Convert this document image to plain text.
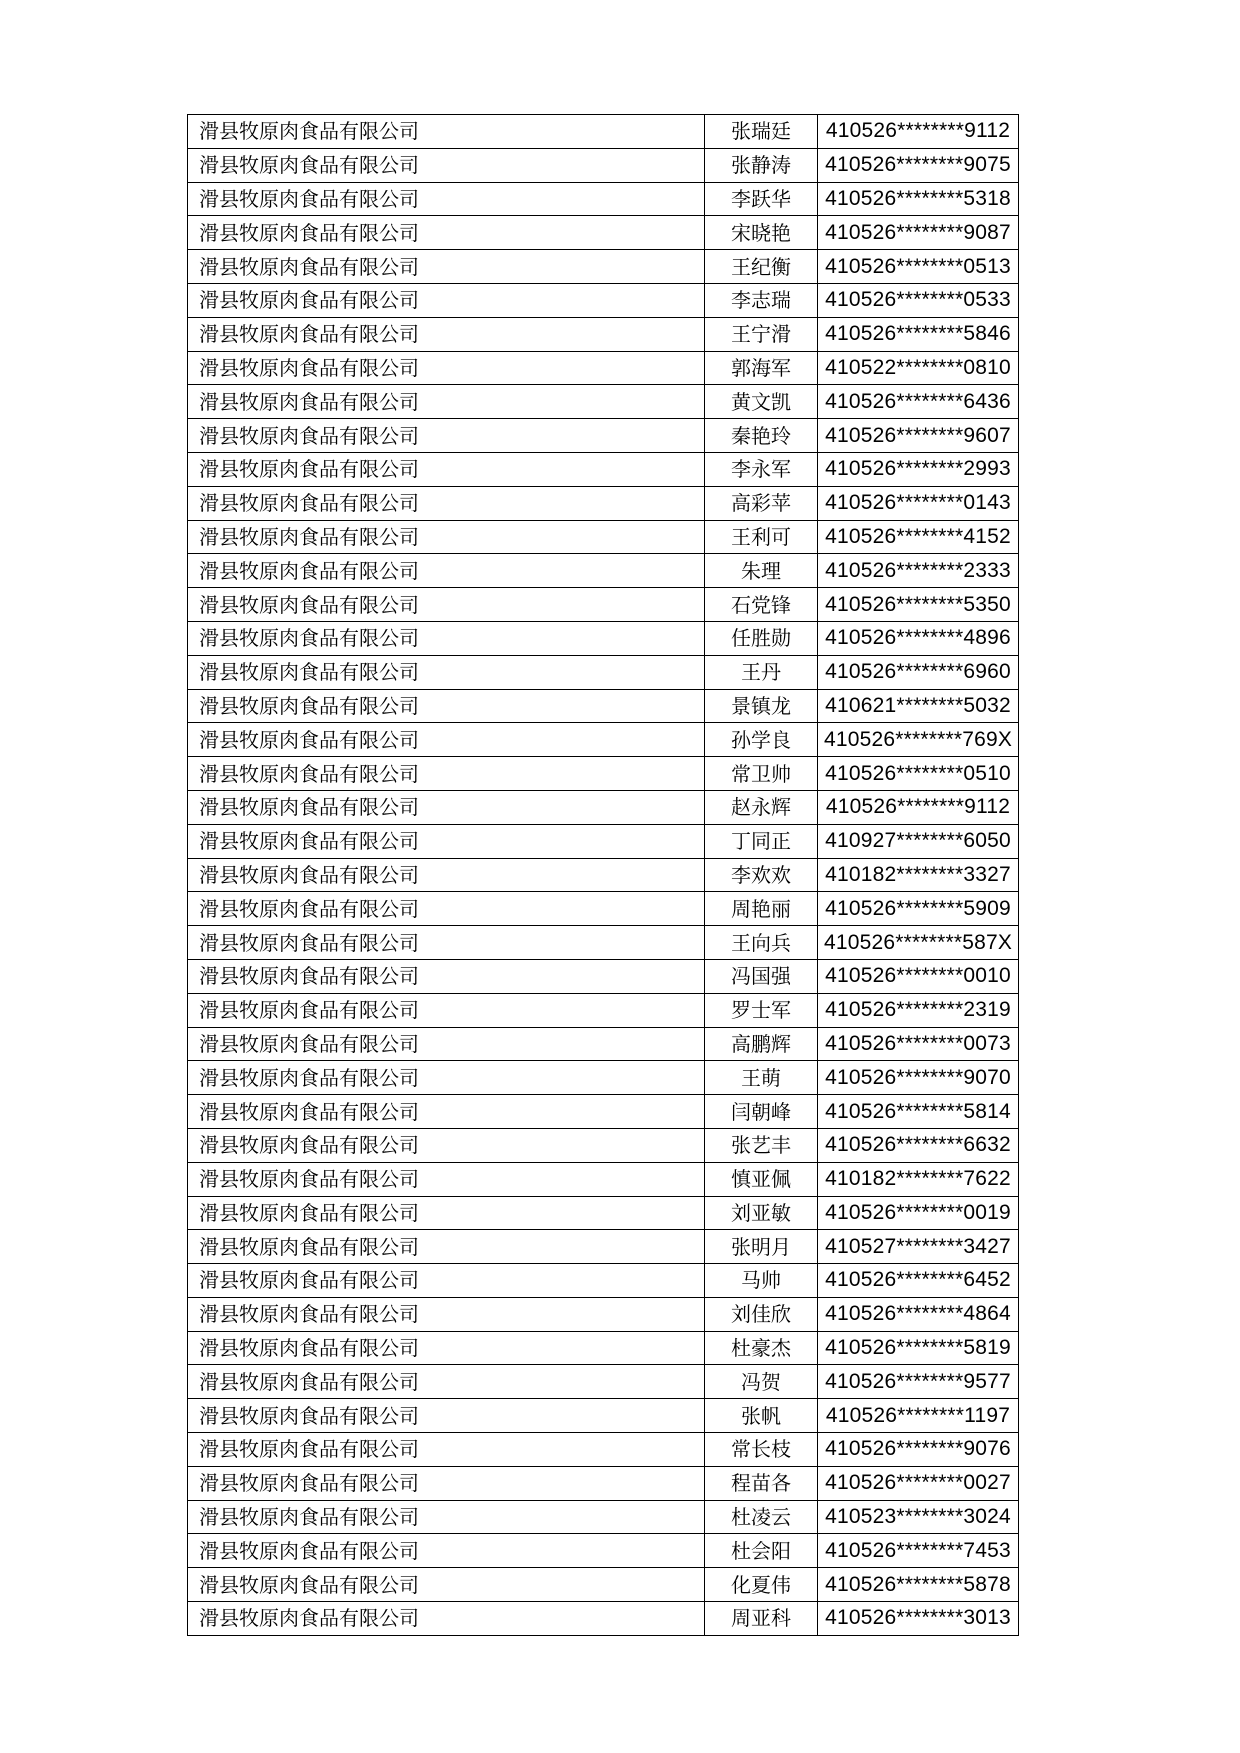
滑县牧原肉食品有限公司	张瑞廷	410526********9112
滑县牧原肉食品有限公司	张静涛	410526********9075
滑县牧原肉食品有限公司	李跃华	410526********5318
滑县牧原肉食品有限公司	宋晓艳	410526********9087
滑县牧原肉食品有限公司	王纪衡	410526********0513
滑县牧原肉食品有限公司	李志瑞	410526********0533
滑县牧原肉食品有限公司	王宁滑	410526********5846
滑县牧原肉食品有限公司	郭海军	410522********0810
滑县牧原肉食品有限公司	黄文凯	410526********6436
滑县牧原肉食品有限公司	秦艳玲	410526********9607
滑县牧原肉食品有限公司	李永军	410526********2993
滑县牧原肉食品有限公司	高彩苹	410526********0143
滑县牧原肉食品有限公司	王利可	410526********4152
滑县牧原肉食品有限公司	朱理	410526********2333
滑县牧原肉食品有限公司	石党锋	410526********5350
滑县牧原肉食品有限公司	任胜勋	410526********4896
滑县牧原肉食品有限公司	王丹	410526********6960
滑县牧原肉食品有限公司	景镇龙	410621********5032
滑县牧原肉食品有限公司	孙学良	410526********769X
滑县牧原肉食品有限公司	常卫帅	410526********0510
滑县牧原肉食品有限公司	赵永辉	410526********9112
滑县牧原肉食品有限公司	丁同正	410927********6050
滑县牧原肉食品有限公司	李欢欢	410182********3327
滑县牧原肉食品有限公司	周艳丽	410526********5909
滑县牧原肉食品有限公司	王向兵	410526********587X
滑县牧原肉食品有限公司	冯国强	410526********0010
滑县牧原肉食品有限公司	罗士军	410526********2319
滑县牧原肉食品有限公司	高鹏辉	410526********0073
滑县牧原肉食品有限公司	王萌	410526********9070
滑县牧原肉食品有限公司	闫朝峰	410526********5814
滑县牧原肉食品有限公司	张艺丰	410526********6632
滑县牧原肉食品有限公司	慎亚佩	410182********7622
滑县牧原肉食品有限公司	刘亚敏	410526********0019
滑县牧原肉食品有限公司	张明月	410527********3427
滑县牧原肉食品有限公司	马帅	410526********6452
滑县牧原肉食品有限公司	刘佳欣	410526********4864
滑县牧原肉食品有限公司	杜豪杰	410526********5819
滑县牧原肉食品有限公司	冯贺	410526********9577
滑县牧原肉食品有限公司	张帆	410526********1197
滑县牧原肉食品有限公司	常长枝	410526********9076
滑县牧原肉食品有限公司	程苗各	410526********0027
滑县牧原肉食品有限公司	杜凌云	410523********3024
滑县牧原肉食品有限公司	杜会阳	410526********7453
滑县牧原肉食品有限公司	化夏伟	410526********5878
滑县牧原肉食品有限公司	周亚科	410526********3013
